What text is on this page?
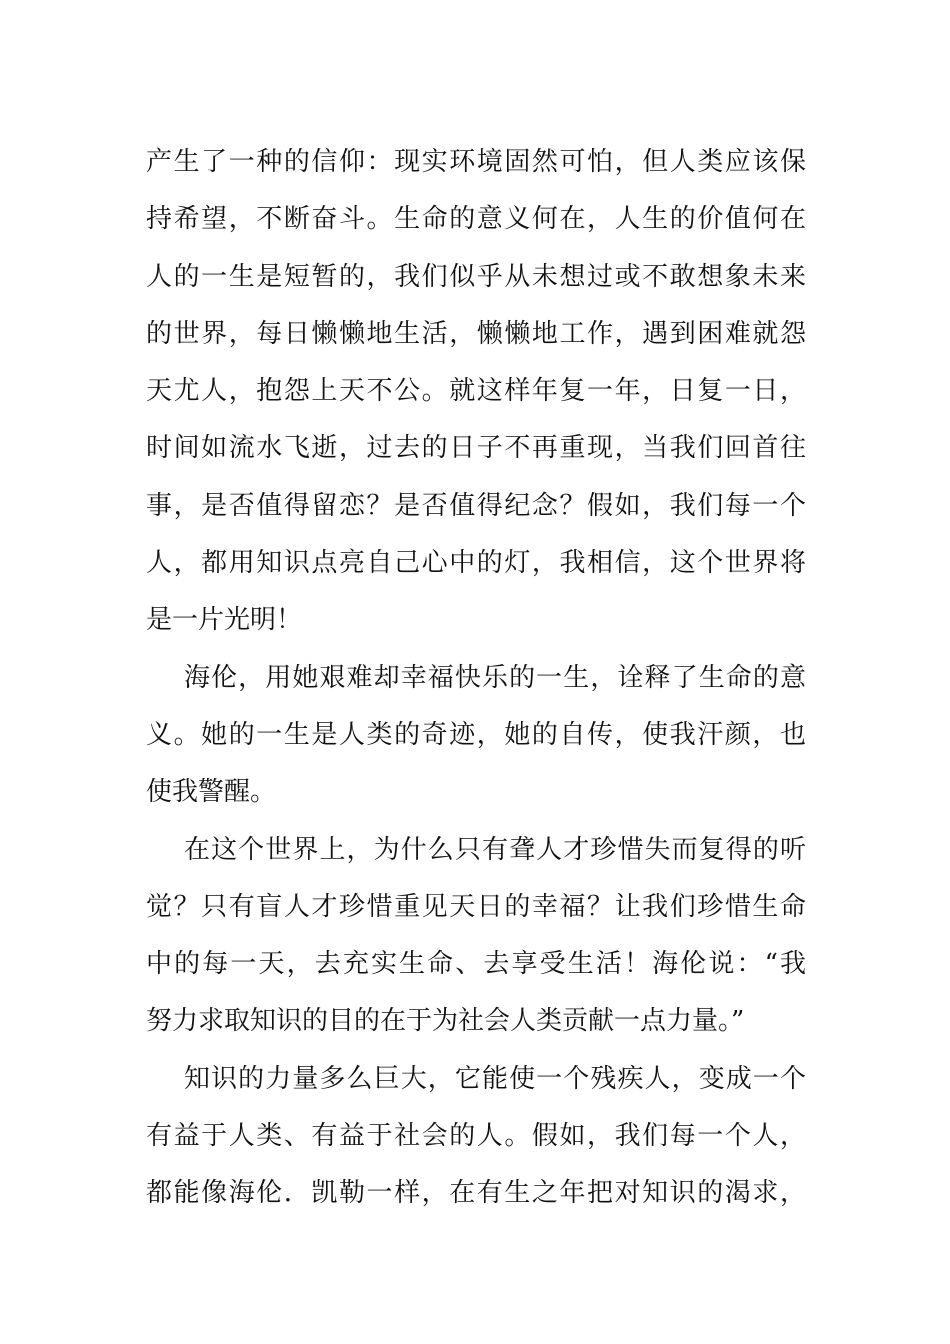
产生了一种的信仰：现实环境固然可怕，但人类应该保
持希望，不断奋斗。生命的意义何在，人生的价值何在
人的一生是短暂的，我们似乎从未想过或不敢想象未来
的世界，每日懒懒地生活，懒懒地工作，遇到困难就怨
天尤人，抱怨上天不公。就这样年复一年，日复一日，
时间如流水飞逝，过去的日子不再重现，当我们回首往
事，是否值得留恋？是否值得纪念？假如，我们每一个
人，都用知识点亮自己心中的灯，我相信，这个世界将
是一片光明！
海伦，用她艰难却幸福快乐的一生，诠释了生命的意
义。她的一生是人类的奇迹，她的自传，使我汗颜，也
使我警醒。
在这个世界上，为什么只有聋人才珍惜失而复得的听
觉？只有盲人才珍惜重见天日的幸福？让我们珍惜生命
中的每一天，去充实生命、去享受生活！海伦说：“我
努力求取知识的目的在于为社会人类贡献一点力量。”
知识的力量多么巨大，它能使一个残疾人，变成一个
有益于人类、有益于社会的人。假如，我们每一个人，
都能像海伦．凯勒一样，在有生之年把对知识的渴求，
